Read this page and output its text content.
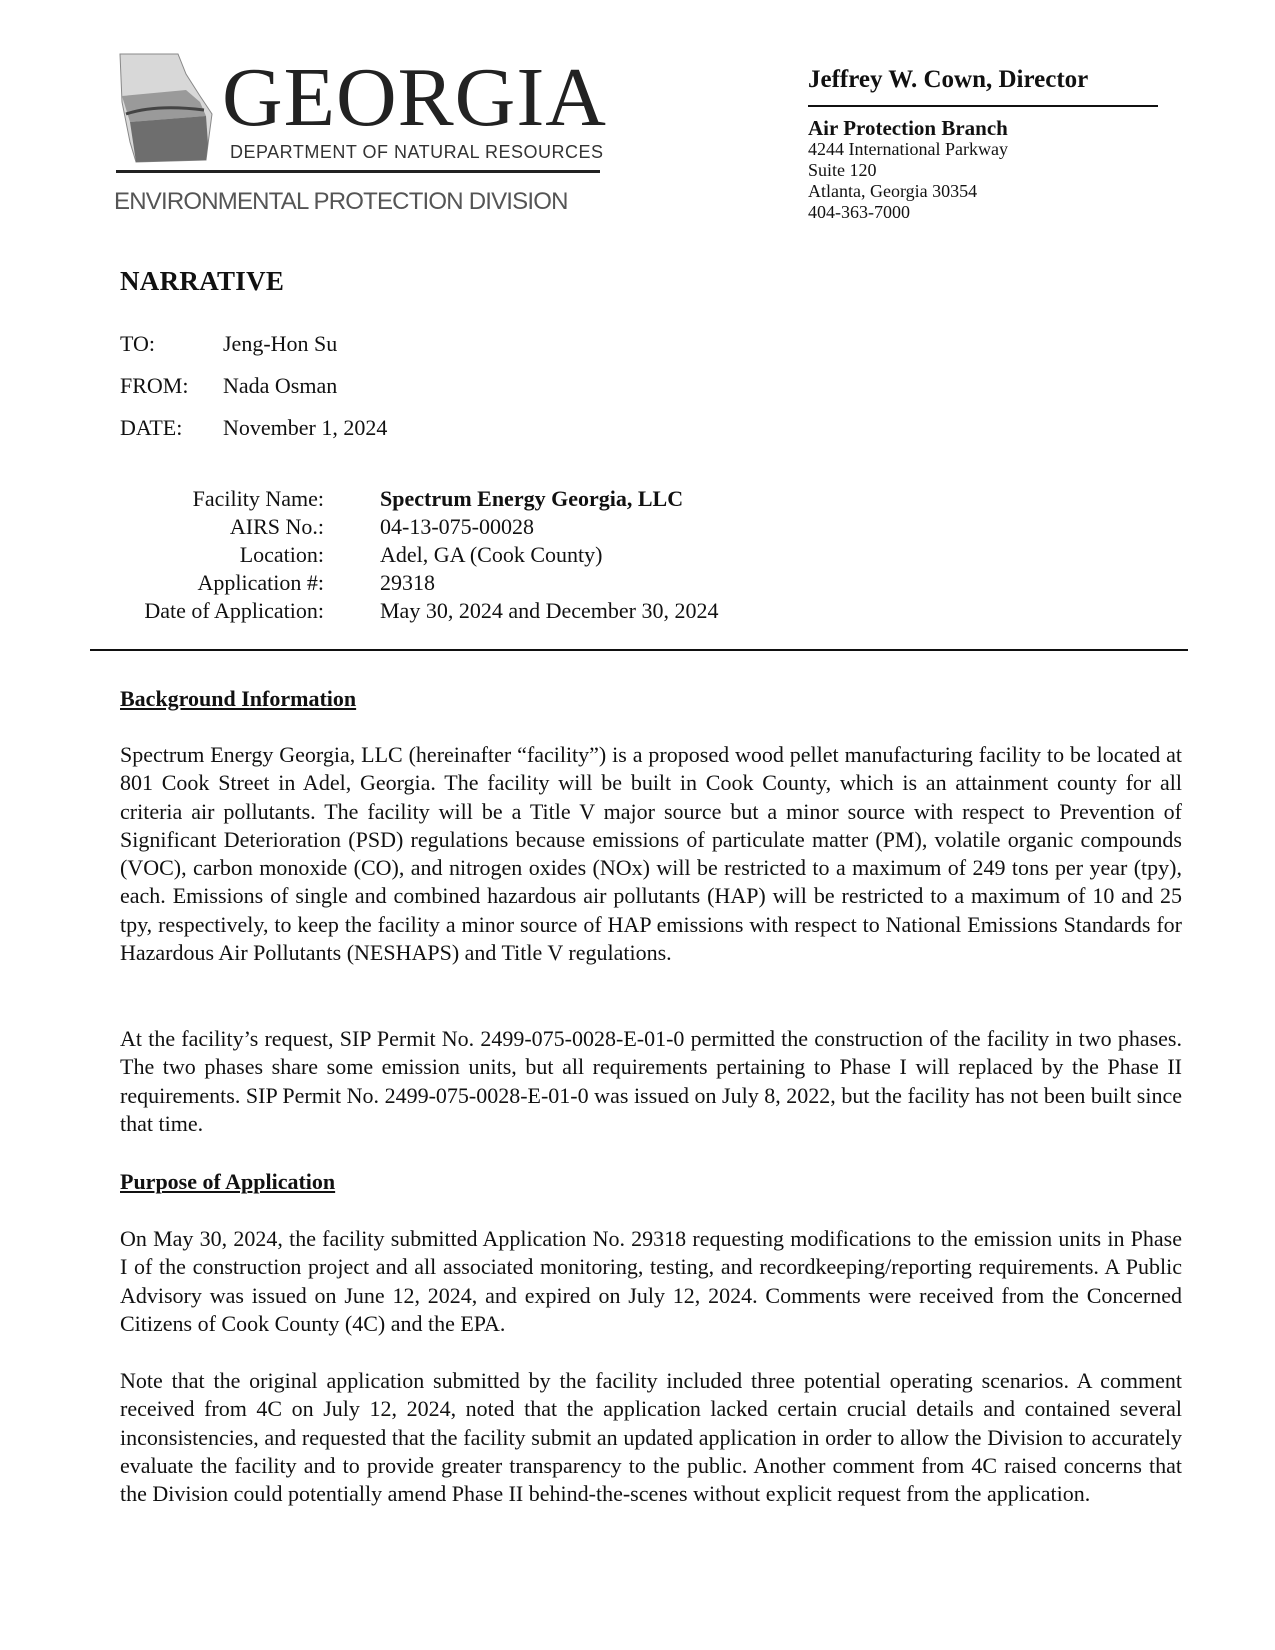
GEORGIA
DEPARTMENT OF NATURAL RESOURCES
ENVIRONMENTAL PROTECTION DIVISION
Jeffrey W. Cown, Director
Air Protection Branch
4244 International Parkway
Suite 120
Atlanta, Georgia 30354
404-363-7000
NARRATIVE
TO:	Jeng-Hon Su
FROM: Nada Osman
DATE: November 1, 2024
Facility Name:
AIRS No.:
Location:
Application #:
Date of Application:
Spectrum Energy Georgia, LLC
04-13-075-00028
Adel, GA (Cook County)
29318
May 30, 2024 and December 30, 2024
Background Information

Spectrum Energy Georgia, LLC (hereinafter “facility”) is a proposed wood pellet manufacturing facility to be located at 801 Cook Street in Adel, Georgia. The facility will be built in Cook County, which is an attainment county for all criteria air pollutants. The facility will be a Title V major source but a minor source with respect to Prevention of Significant Deterioration (PSD) regulations because emissions of particulate matter (PM), volatile organic compounds (VOC), carbon monoxide (CO), and nitrogen oxides (NOx) will be restricted to a maximum of 249 tons per year (tpy), each. Emissions of single and combined hazardous air pollutants (HAP) will be restricted to a maximum of 10 and 25 tpy, respectively, to keep the facility a minor source of HAP emissions with respect to National Emissions Standards for Hazardous Air Pollutants (NESHAPS) and Title V regulations.

At the facility’s request, SIP Permit No. 2499-075-0028-E-01-0 permitted the construction of the facility in two phases. The two phases share some emission units, but all requirements pertaining to Phase I will replaced by the Phase II requirements. SIP Permit No. 2499-075-0028-E-01-0 was issued on July 8, 2022, but the facility has not been built since that time.

Purpose of Application

On May 30, 2024, the facility submitted Application No. 29318 requesting modifications to the emission units in Phase I of the construction project and all associated monitoring, testing, and recordkeeping/reporting requirements. A Public Advisory was issued on June 12, 2024, and expired on July 12, 2024. Comments were received from the Concerned Citizens of Cook County (4C) and the EPA.

Note that the original application submitted by the facility included three potential operating scenarios. A comment received from 4C on July 12, 2024, noted that the application lacked certain crucial details and contained several inconsistencies, and requested that the facility submit an updated application in order to allow the Division to accurately evaluate the facility and to provide greater transparency to the public. Another comment from 4C raised concerns that the Division could potentially amend Phase II behind-the-scenes without explicit request from the application.
